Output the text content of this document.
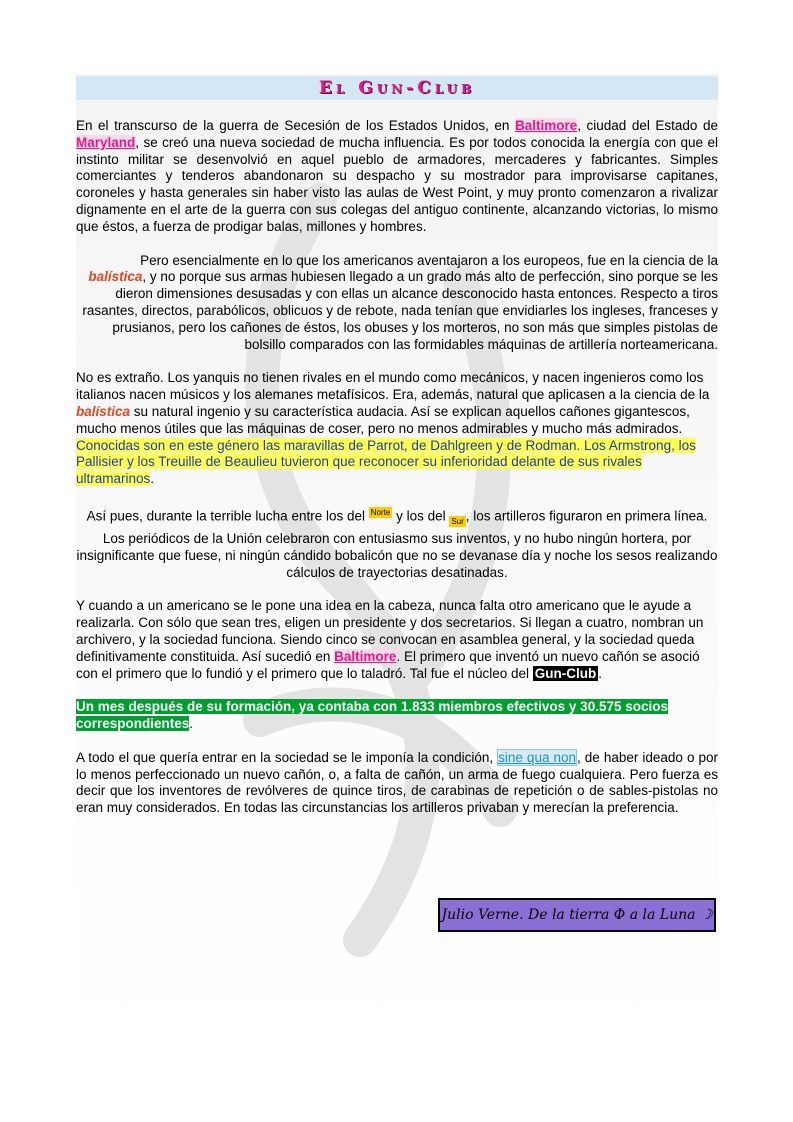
El Gun-Club

En el transcurso de la guerra de Secesión de los Estados Unidos, en Baltimore, ciudad del Estado de Maryland, se creó una nueva sociedad de mucha influencia. Es por todos conocida la energía con que el instinto militar se desenvolvió en aquel pueblo de armadores, mercaderes y fabricantes. Simples comerciantes y tenderos abandonaron su despacho y su mostrador para improvisarse capitanes, coroneles y hasta generales sin haber visto las aulas de West Point, y muy pronto comenzaron a rivalizar dignamente en el arte de la guerra con sus colegas del antiguo continente, alcanzando victorias, lo mismo que éstos, a fuerza de prodigar balas, millones y hombres.

Pero esencialmente en lo que los americanos aventajaron a los europeos, fue en la ciencia de la balística, y no porque sus armas hubiesen llegado a un grado más alto de perfección, sino porque se les dieron dimensiones desusadas y con ellas un alcance desconocido hasta entonces. Respecto a tiros rasantes, directos, parabólicos, oblicuos y de rebote, nada tenían que envidiarles los ingleses, franceses y prusianos, pero los cañones de éstos, los obuses y los morteros, no son más que simples pistolas de bolsillo comparados con las formidables máquinas de artillería norteamericana.

No es extraño. Los yanquis no tienen rivales en el mundo como mecánicos, y nacen ingenieros como los italianos nacen músicos y los alemanes metafísicos. Era, además, natural que aplicasen a la ciencia de la balística su natural ingenio y su característica audacia. Así se explican aquellos cañones gigantescos, mucho menos útiles que las máquinas de coser, pero no menos admirables y mucho más admirados. Conocidas son en este género las maravillas de Parrot, de Dahlgreen y de Rodman. Los Armstrong, los Pallisier y los Treuille de Beaulieu tuvieron que reconocer su inferioridad delante de sus rivales ultramarinos.

Así pues, durante la terrible lucha entre los del $^{Norte}$ y los del $_{Sur}$ , los artilleros figuraron en primera línea. Los periódicos de la Unión celebraron con entusiasmo sus inventos, y no hubo ningún hortera, por insignificante que fuese, ni ningún cándido bobalicón que no se devanase día y noche los sesos realizando cálculos de trayectorias desatinadas.

Y cuando a un americano se le pone una idea en la cabeza, nunca falta otro americano que le ayude a realizarla. Con sólo que sean tres, eligen un presidente y dos secretarios. Si llegan a cuatro, nombran un archivero, y la sociedad funciona. Siendo cinco se convocan en asamblea general, y la sociedad queda definitivamente constituida. Así sucedió en Baltimore. El primero que inventó un nuevo cañón se asoció con el primero que lo fundió y el primero que lo taladró. Tal fue el núcleo del Gun-Club .

Un mes después de su formación, ya contaba con 1.833 miembros efectivos y 30.575 socios correspondientes.

A todo el que quería entrar en la sociedad se le imponía la condición, sine qua non, de haber ideado o por lo menos perfeccionado un nuevo cañón, o, a falta de cañón, un arma de fuego cualquiera. Pero fuerza es decir que los inventores de revólveres de quince tiros, de carabinas de repetición o de sables-pistolas no eran muy considerados. En todas las circunstancias los artilleros privaban y merecían la preferencia.

Julio Verne. De la tierra Φ a la Luna ☽
